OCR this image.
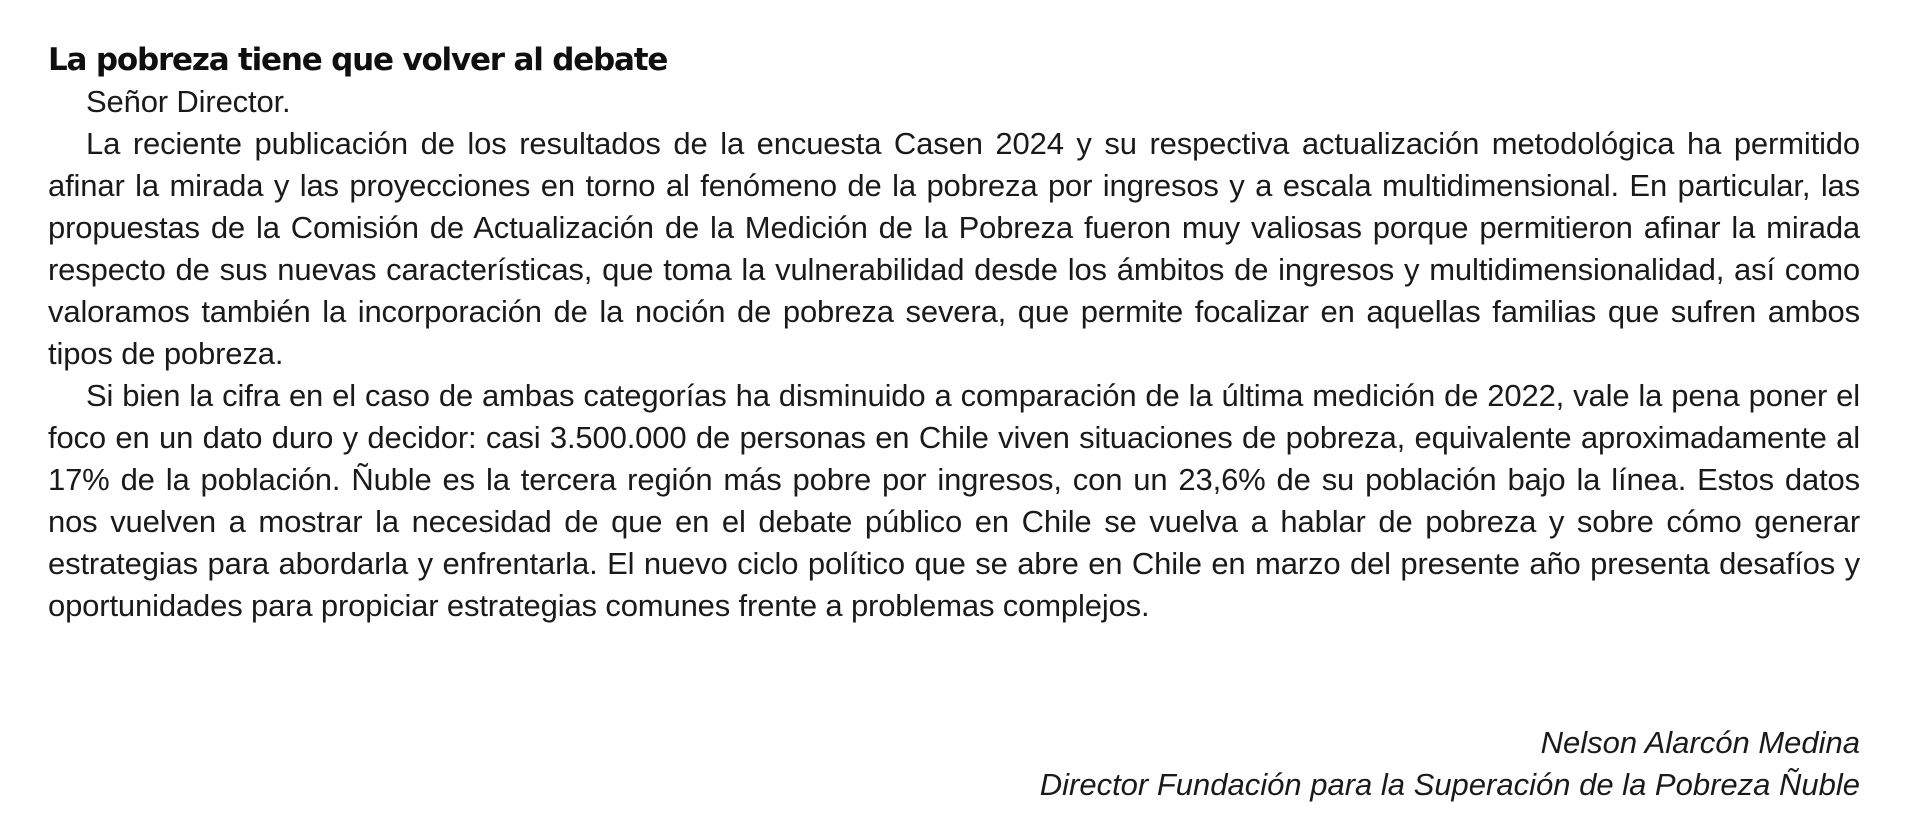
La pobreza tiene que volver al debate

Señor Director.

La reciente publicación de los resultados de la encuesta Casen 2024 y su respectiva actualización metodológica ha permitido afinar la mirada y las proyecciones en torno al fenómeno de la pobreza por ingresos y a escala multidimensional. En particular, las propuestas de la Comisión de Actualización de la Medición de la Pobreza fueron muy valiosas porque permitieron afinar la mirada respecto de sus nuevas características, que toma la vulnerabilidad desde los ámbitos de ingresos y multidimensionalidad, así como valoramos también la incorporación de la noción de pobreza severa, que permite focalizar en aquellas familias que sufren ambos tipos de pobreza.

Si bien la cifra en el caso de ambas categorías ha disminuido a comparación de la última medición de 2022, vale la pena poner el foco en un dato duro y decidor: casi 3.500.000 de personas en Chile viven situaciones de pobreza, equivalente aproximadamente al 17% de la población. Ñuble es la tercera región más pobre por ingresos, con un 23,6% de su población bajo la línea. Estos datos nos vuelven a mostrar la necesidad de que en el debate público en Chile se vuelva a hablar de pobreza y sobre cómo generar estrategias para abordarla y enfrentarla. El nuevo ciclo político que se abre en Chile en marzo del presente año presenta desafíos y oportunidades para propiciar estrategias comunes frente a problemas complejos.

Nelson Alarcón Medina
Director Fundación para la Superación de la Pobreza Ñuble
